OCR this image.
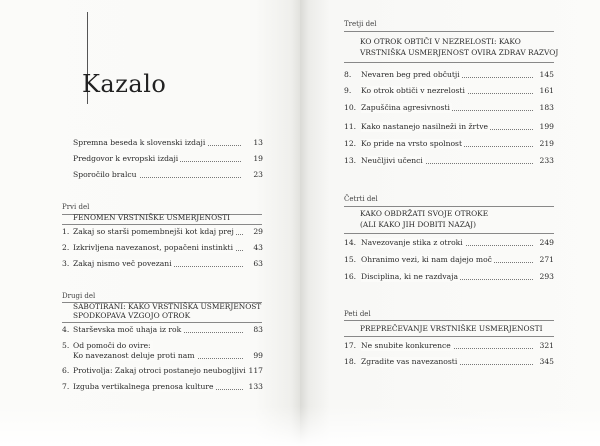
Kazalo
Spremna beseda k slovenski izdaji	13
Predgovor k evropski izdaji	19
Sporočilo bralcu	23
Prvi del
FENOMEN VRSTNIŠKE USMERJENOSTI
1. Zakaj so starši pomembnejši kot kdaj prej	29
2. Izkrivljena navezanost, popačeni instinkti	43
3. Zakaj nismo več povezani	63
Drugi del
SABOTIRANI: KAKO VRSTNIŠKA USMERJENOST
SPODKOPAVA VZGOJO OTROK
4. Starševska moč uhaja iz rok	83
5. Od pomoči do ovire:
Ko navezanost deluje proti nam	99
6. Protivolja: Zakaj otroci postanejo neubogljivi 117
7. Izguba vertikalnega prenosa kulture	133
Tretji del
KO OTROK OBTIČI V NEZRELOSTI: KAKO
VRSTNIŠKA USMERJENOST OVIRA ZDRAV RAZVOJ
8. Nevaren beg pred občutji	145
9. Ko otrok obtiči v nezrelosti	161
10. Zapuščina agresivnosti	183
11. Kako nastanejo nasilneži in žrtve	199
12. Ko pride na vrsto spolnost	219
13. Neučljivi učenci	233
Četrti del
KAKO OBDRŽATI SVOJE OTROKE
(ALI KAKO JIH DOBITI NAZAJ)
14. Navezovanje stika z otroki	249
15. Ohranimo vezi, ki nam dajejo moč	271
16. Disciplina, ki ne razdvaja	293
Peti del
PREPREČEVANJE VRSTNIŠKE USMERJENOSTI
17. Ne snubite konkurence	321
18. Zgradite vas navezanosti	345
